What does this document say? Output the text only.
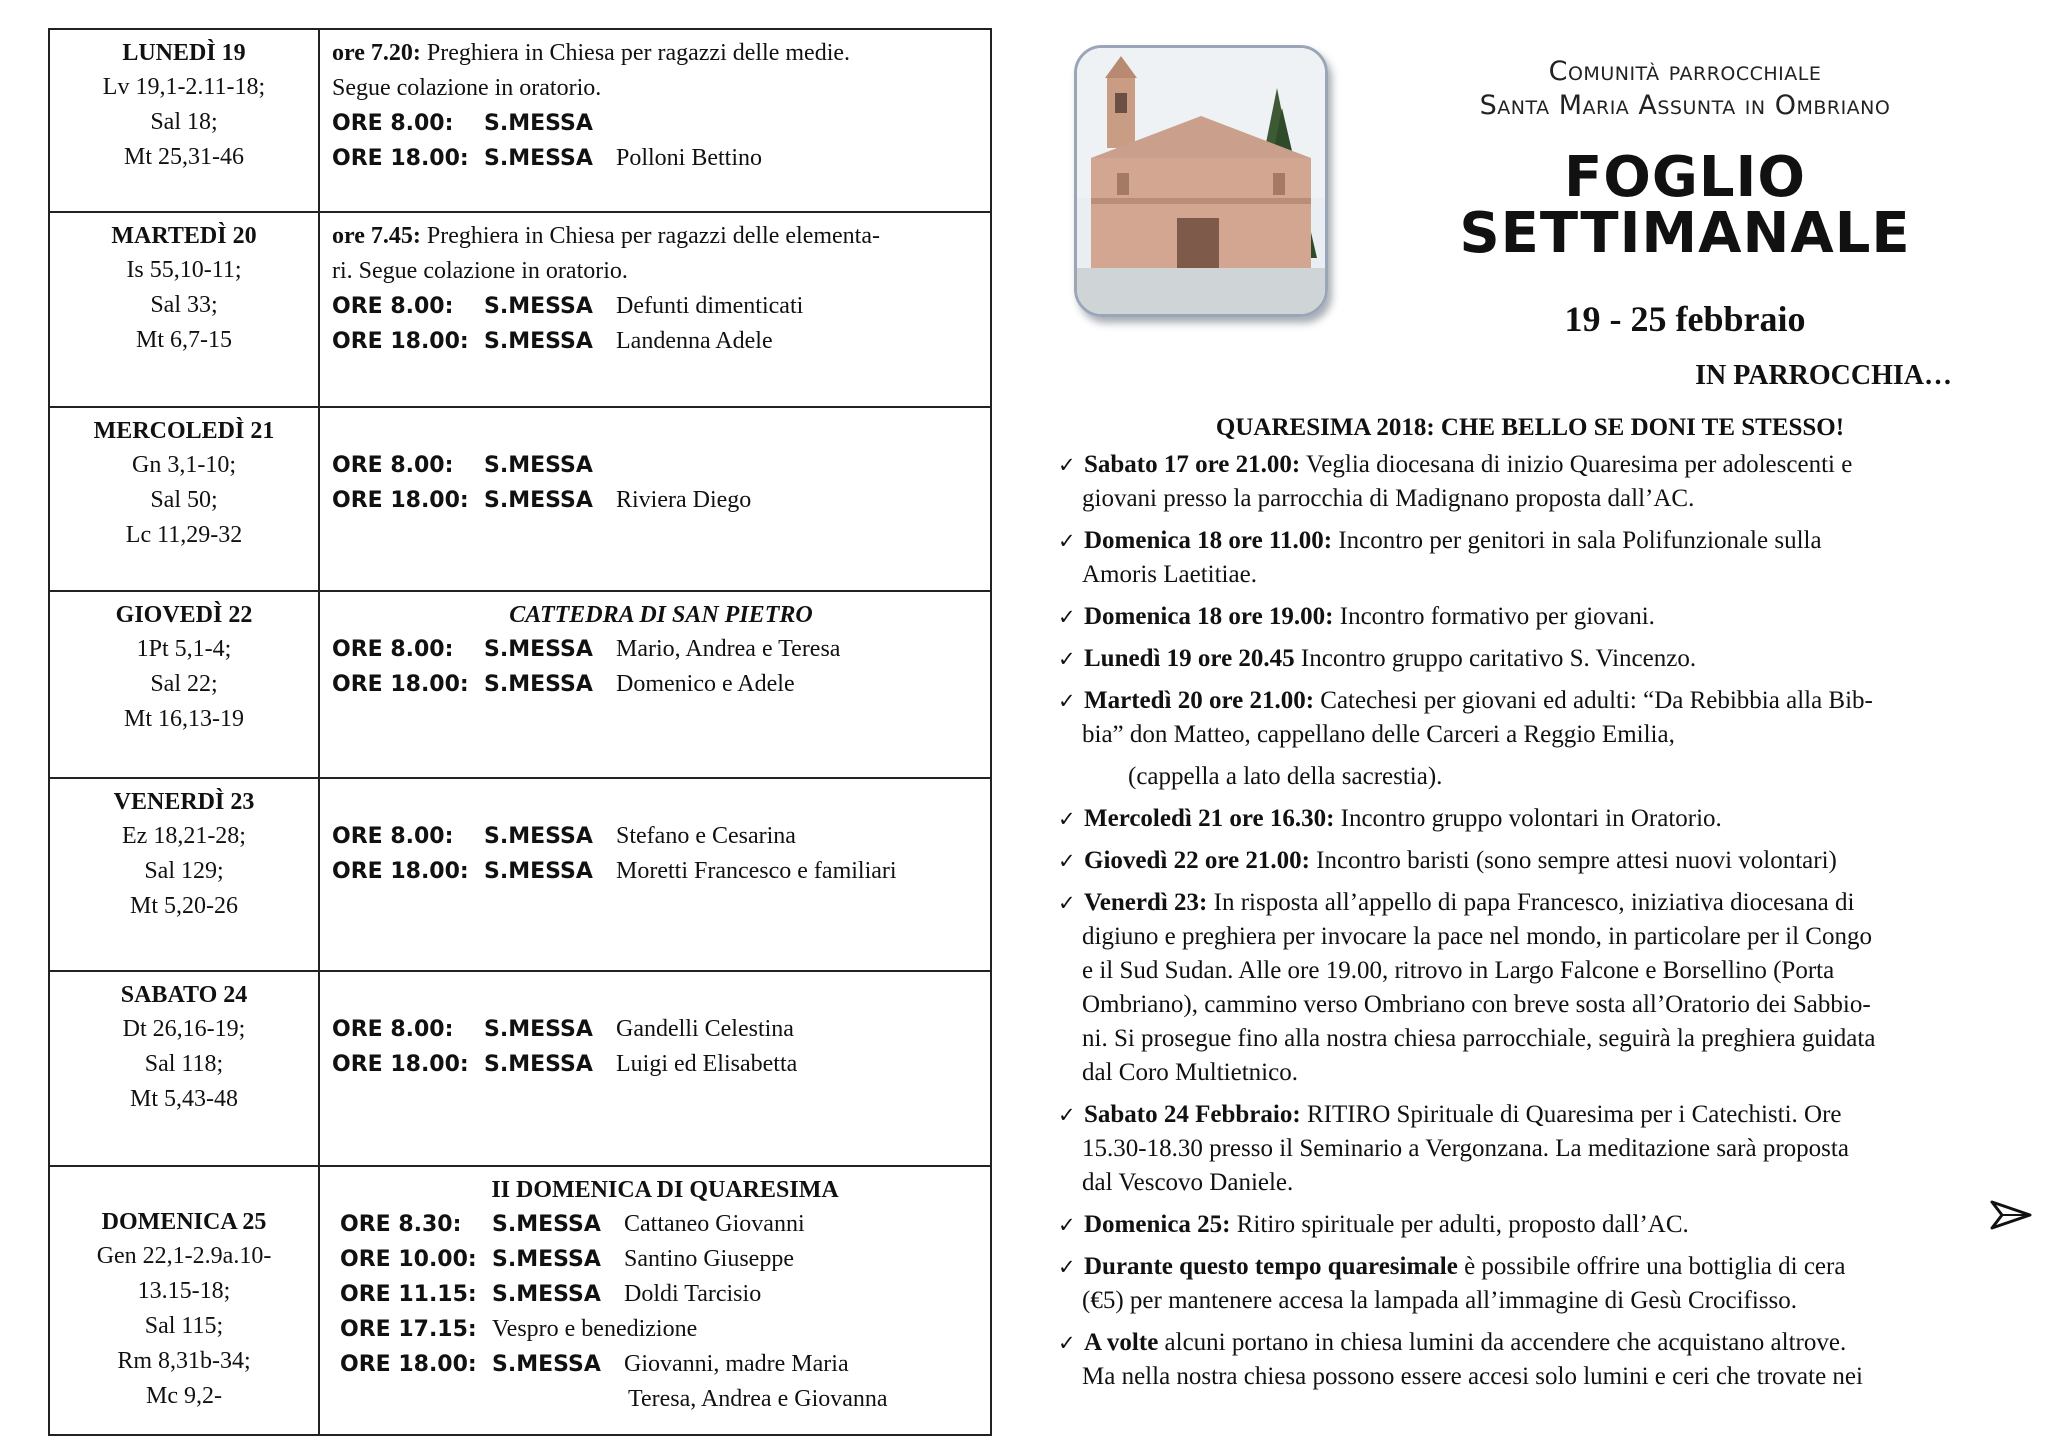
LUNEDÌ 19
Lv 19,1-2.11-18;
Sal 18;
Mt 25,31-46
ore 7.20: Preghiera in Chiesa per ragazzi delle medie.
Segue colazione in oratorio.
ORE 8.00: S.MESSA
ORE 18.00: S.MESSA Polloni Bettino
MARTEDÌ 20
Is 55,10-11;
Sal 33;
Mt 6,7-15
ore 7.45: Preghiera in Chiesa per ragazzi delle elementa-
ri. Segue colazione in oratorio.
ORE 8.00: S.MESSA Defunti dimenticati
ORE 18.00: S.MESSA Landenna Adele
MERCOLEDÌ 21
Gn 3,1-10;
Sal 50;
Lc 11,29-32
ORE 8.00: S.MESSA
ORE 18.00: S.MESSA Riviera Diego
GIOVEDÌ 22
1Pt 5,1-4;
Sal 22;
Mt 16,13-19
CATTEDRA DI SAN PIETRO
ORE 8.00: S.MESSA Mario, Andrea e Teresa
ORE 18.00: S.MESSA Domenico e Adele
VENERDÌ 23
Ez 18,21-28;
Sal 129;
Mt 5,20-26
ORE 8.00: S.MESSA Stefano e Cesarina
ORE 18.00: S.MESSA Moretti Francesco e familiari
SABATO 24
Dt 26,16-19;
Sal 118;
Mt 5,43-48
ORE 8.00: S.MESSA Gandelli Celestina
ORE 18.00: S.MESSA Luigi ed Elisabetta
DOMENICA 25
Gen 22,1-2.9a.10-
13.15-18;
Sal 115;
Rm 8,31b-34;
Mc 9,2-
II DOMENICA DI QUARESIMA
ORE 8.30: S.MESSA Cattaneo Giovanni
ORE 10.00: S.MESSA Santino Giuseppe
ORE 11.15: S.MESSA Doldi Tarcisio
ORE 17.15: Vespro e benedizione
ORE 18.00: S.MESSA Giovanni, madre Maria
Teresa, Andrea e Giovanna
Comunità parrocchiale
Santa Maria Assunta in Ombriano
FOGLIO
SETTIMANALE
19 - 25 febbraio
IN PARROCCHIA…
QUARESIMA 2018: CHE BELLO SE DONI TE STESSO!
✓ Sabato 17 ore 21.00: Veglia diocesana di inizio Quaresima per adolescenti e
giovani presso la parrocchia di Madignano proposta dall’AC.
✓ Domenica 18 ore 11.00: Incontro per genitori in sala Polifunzionale sulla
Amoris Laetitiae.
✓ Domenica 18 ore 19.00: Incontro formativo per giovani.
✓ Lunedì 19 ore 20.45 Incontro gruppo caritativo S. Vincenzo.
✓ Martedì 20 ore 21.00: Catechesi per giovani ed adulti: “Da Rebibbia alla Bib-
bia” don Matteo, cappellano delle Carceri a Reggio Emilia,
(cappella a lato della sacrestia).
✓ Mercoledì 21 ore 16.30: Incontro gruppo volontari in Oratorio.
✓ Giovedì 22 ore 21.00: Incontro baristi (sono sempre attesi nuovi volontari)
✓ Venerdì 23: In risposta all’appello di papa Francesco, iniziativa diocesana di
digiuno e preghiera per invocare la pace nel mondo, in particolare per il Congo
e il Sud Sudan. Alle ore 19.00, ritrovo in Largo Falcone e Borsellino (Porta
Ombriano), cammino verso Ombriano con breve sosta all’Oratorio dei Sabbio-
ni. Si prosegue fino alla nostra chiesa parrocchiale, seguirà la preghiera guidata
dal Coro Multietnico.
✓ Sabato 24 Febbraio: RITIRO Spirituale di Quaresima per i Catechisti. Ore
15.30-18.30 presso il Seminario a Vergonzana. La meditazione sarà proposta
dal Vescovo Daniele.
✓ Domenica 25: Ritiro spirituale per adulti, proposto dall’AC.
✓ Durante questo tempo quaresimale è possibile offrire una bottiglia di cera
(€5) per mantenere accesa la lampada all’immagine di Gesù Crocifisso.
✓ A volte alcuni portano in chiesa lumini da accendere che acquistano altrove.
Ma nella nostra chiesa possono essere accesi solo lumini e ceri che trovate nei
